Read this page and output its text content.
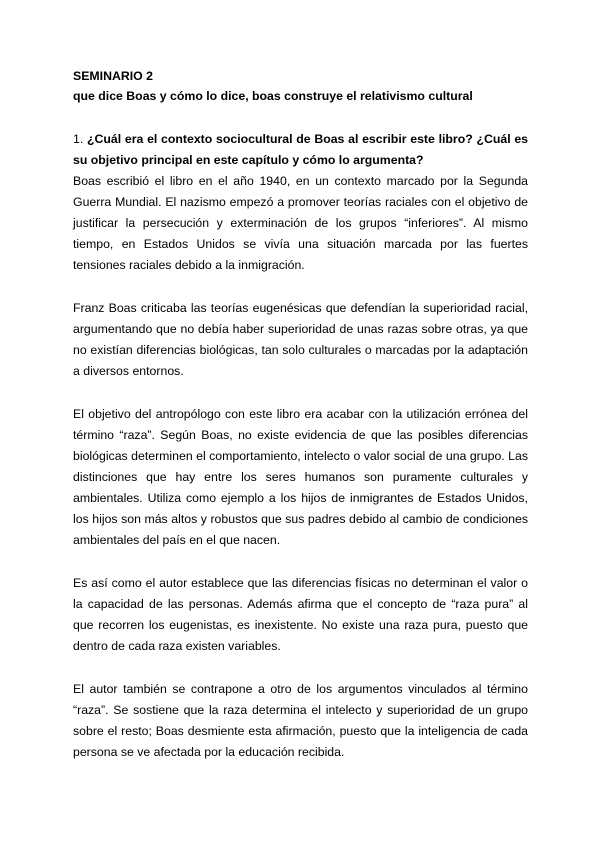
SEMINARIO 2

que dice Boas y cómo lo dice, boas construye el relativismo cultural

1. ¿Cuál era el contexto sociocultural de Boas al escribir este libro? ¿Cuál es su objetivo principal en este capítulo y cómo lo argumenta?

Boas escribió el libro en el año 1940, en un contexto marcado por la Segunda Guerra Mundial. El nazismo empezó a promover teorías raciales con el objetivo de justificar la persecución y exterminación de los grupos “inferiores”. Al mismo tiempo, en Estados Unidos se vivía una situación marcada por las fuertes tensiones raciales debido a la inmigración.

Franz Boas criticaba las teorías eugenésicas que defendían la superioridad racial, argumentando que no debía haber superioridad de unas razas sobre otras, ya que no existían diferencias biológicas, tan solo culturales o marcadas por la adaptación a diversos entornos.

El objetivo del antropólogo con este libro era acabar con la utilización errónea del término “raza”. Según Boas, no existe evidencia de que las posibles diferencias biológicas determinen el comportamiento, intelecto o valor social de una grupo. Las distinciones que hay entre los seres humanos son puramente culturales y ambientales. Utiliza como ejemplo a los hijos de inmigrantes de Estados Unidos, los hijos son más altos y robustos que sus padres debido al cambio de condiciones ambientales del país en el que nacen.

Es así como el autor establece que las diferencias físicas no determinan el valor o la capacidad de las personas. Además afirma que el concepto de “raza pura” al que recorren los eugenistas, es inexistente. No existe una raza pura, puesto que dentro de cada raza existen variables.

El autor también se contrapone a otro de los argumentos vinculados al término “raza”. Se sostiene que la raza determina el intelecto y superioridad de un grupo sobre el resto; Boas desmiente esta afirmación, puesto que la inteligencia de cada persona se ve afectada por la educación recibida.
